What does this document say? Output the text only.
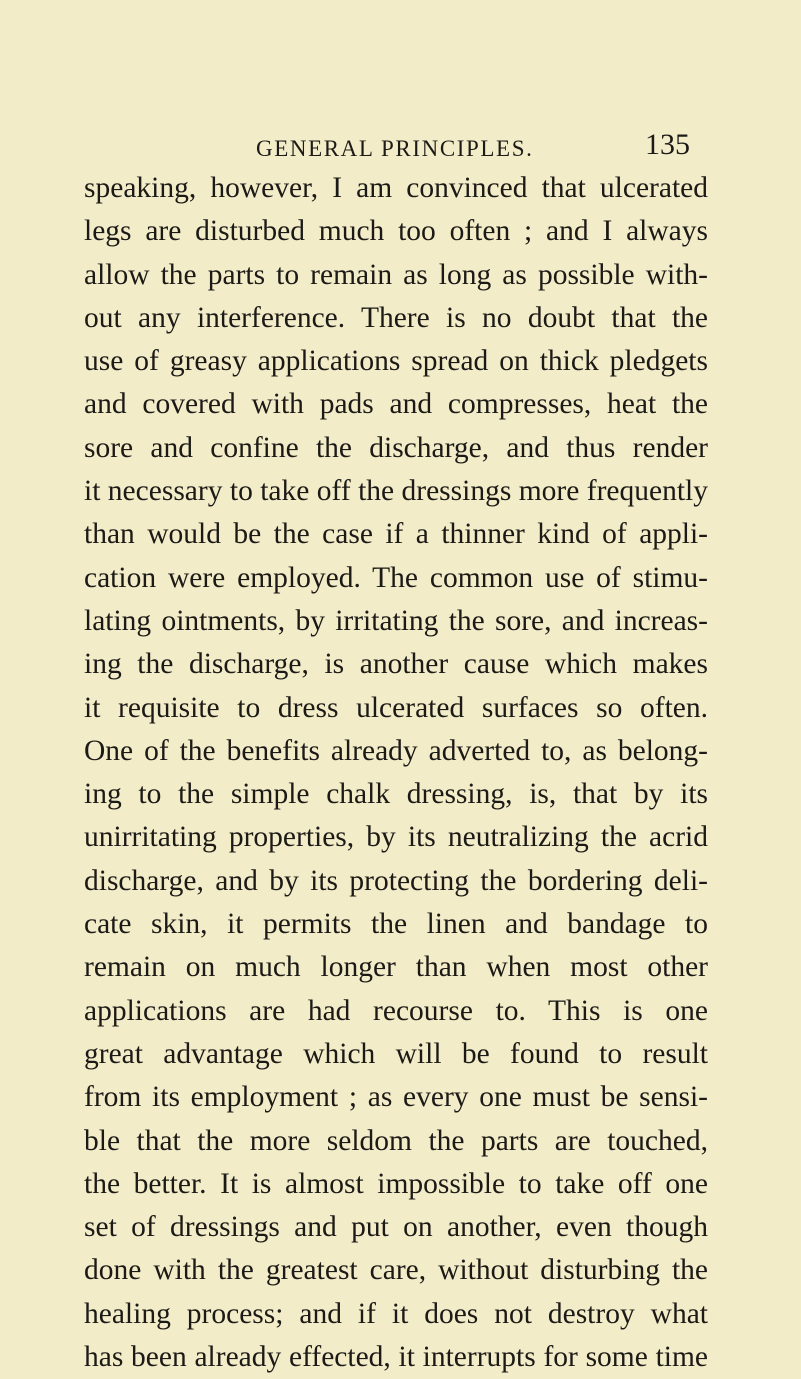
GENERAL PRINCIPLES.	135
speaking, however, I am convinced that ulcerated
legs are disturbed much too often ; and I always
allow the parts to remain as long as possible with-
out any interference. There is no doubt that the
use of greasy applications spread on thick pledgets
and covered with pads and compresses, heat the
sore and confine the discharge, and thus render
it necessary to take off the dressings more frequently
than would be the case if a thinner kind of appli-
cation were employed. The common use of stimu-
lating ointments, by irritating the sore, and increas-
ing the discharge, is another cause which makes
it requisite to dress ulcerated surfaces so often.
One of the benefits already adverted to, as belong-
ing to the simple chalk dressing, is, that by its
unirritating properties, by its neutralizing the acrid
discharge, and by its protecting the bordering deli-
cate skin, it permits the linen and bandage to
remain on much longer than when most other
applications are had recourse to. This is one
great advantage which will be found to result
from its employment ; as every one must be sensi-
ble that the more seldom the parts are touched,
the better. It is almost impossible to take off one
set of dressings and put on another, even though
done with the greatest care, without disturbing the
healing process; and if it does not destroy what
has been already effected, it interrupts for some time
